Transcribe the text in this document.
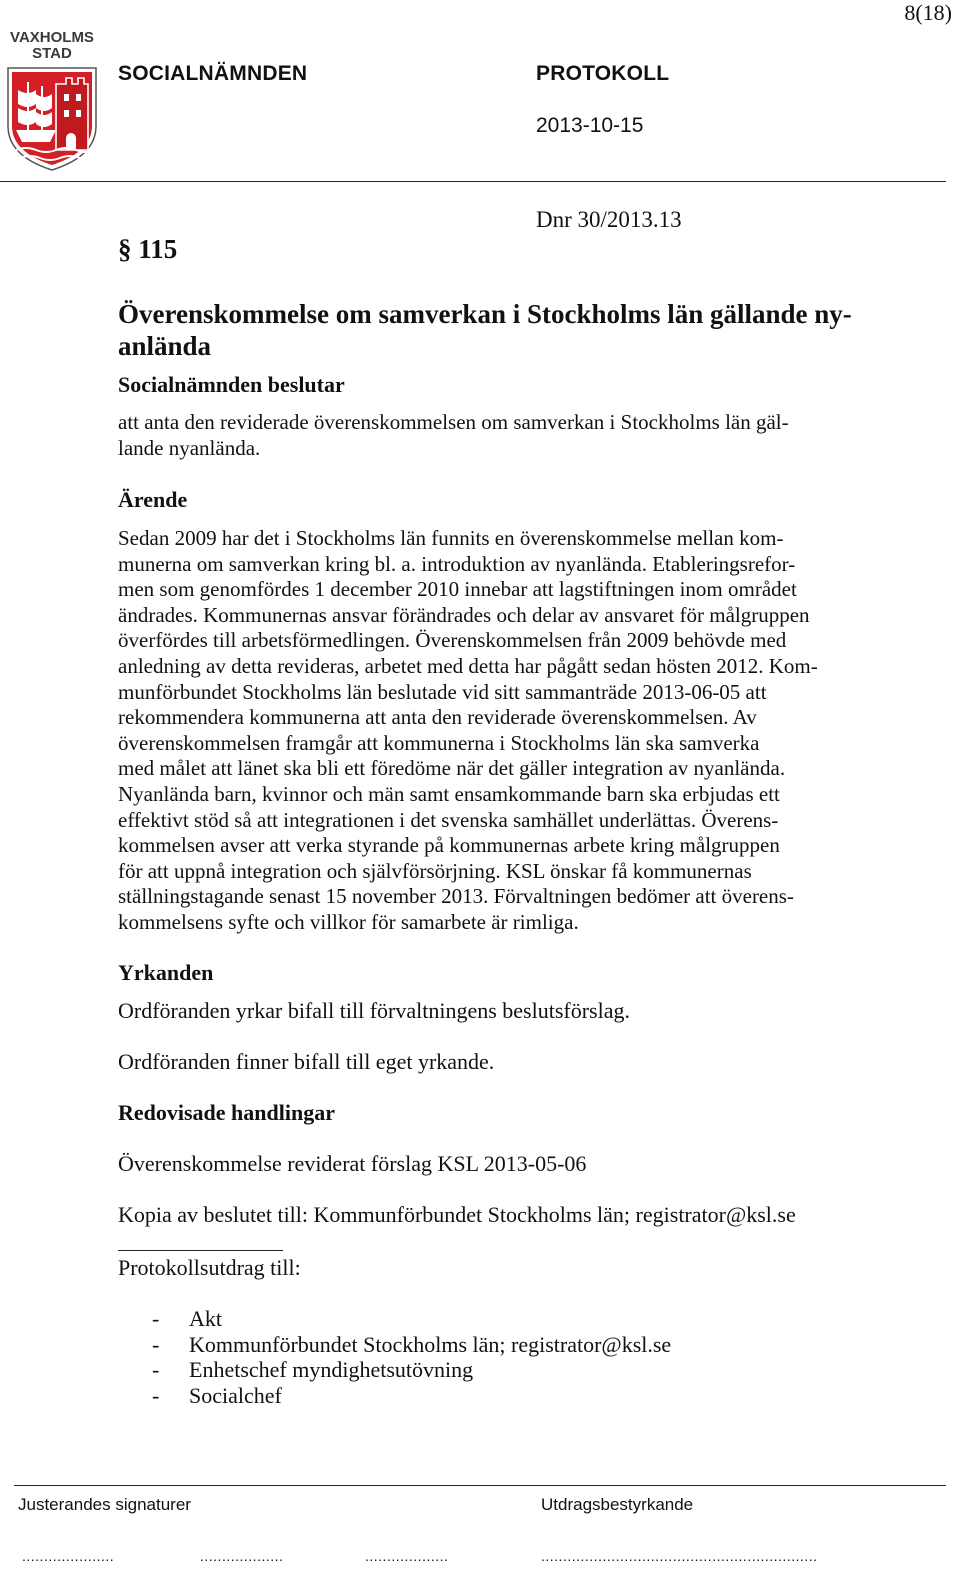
8(18)
VAXHOLMS
STAD
SOCIALNÄMNDEN	PROTOKOLL
2013-10-15
§ 115
Dnr 30/2013.13
Överenskommelse om samverkan i Stockholms län gällande ny-
anlända
Socialnämnden beslutar

att anta den reviderade överenskommelsen om samverkan i Stockholms län gäl-

lande nyanlända.

Ärende

Sedan 2009 har det i Stockholms län funnits en överenskommelse mellan kom-

munerna om samverkan kring bl. a. introduktion av nyanlända. Etableringsrefor-

men som genomfördes 1 december 2010 innebar att lagstiftningen inom området

ändrades. Kommunernas ansvar förändrades och delar av ansvaret för målgruppen

överfördes till arbetsförmedlingen. Överenskommelsen från 2009 behövde med

anledning av detta revideras, arbetet med detta har pågått sedan hösten 2012. Kom-

munförbundet Stockholms län beslutade vid sitt sammanträde 2013-06-05 att

rekommendera kommunerna att anta den reviderade överenskommelsen. Av

överenskommelsen framgår att kommunerna i Stockholms län ska samverka

med målet att länet ska bli ett föredöme när det gäller integration av nyanlända.

Nyanlända barn, kvinnor och män samt ensamkommande barn ska erbjudas ett

effektivt stöd så att integrationen i det svenska samhället underlättas. Överens-

kommelsen avser att verka styrande på kommunernas arbete kring målgruppen

för att uppnå integration och självförsörjning. KSL önskar få kommunernas

ställningstagande senast 15 november 2013. Förvaltningen bedömer att överens-

kommelsens syfte och villkor för samarbete är rimliga.

Yrkanden
Ordföranden yrkar bifall till förvaltningens beslutsförslag.
Ordföranden finner bifall till eget yrkande.
Redovisade handlingar
Överenskommelse reviderat förslag KSL 2013-05-06
Kopia av beslutet till: Kommunförbundet Stockholms län; registrator@ksl.se
Protokollsutdrag till:
-	Akt
-	Kommunförbundet Stockholms län; registrator@ksl.se
-	Enhetschef myndighetsutövning
-	Socialchef
Justerandes signaturer	Utdragsbestyrkande
.....................	...................	...................	...............................................................
